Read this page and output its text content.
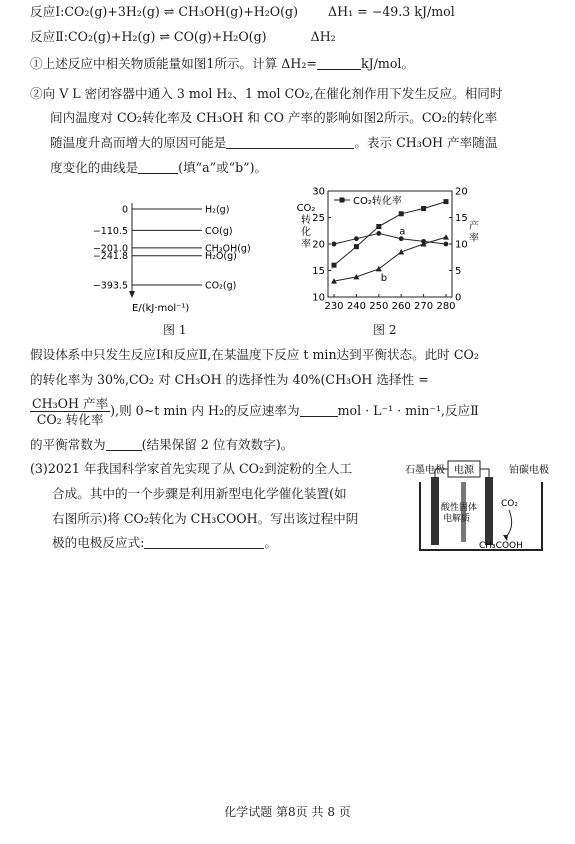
反应Ⅰ:CO₂(g)+3H₂(g) ⇌ CH₃OH(g)+H₂O(g) ΔH₁ = −49.3 kJ/mol
反应Ⅱ:CO₂(g)+H₂(g) ⇌ CO(g)+H₂O(g)	ΔH₂
①上述反应中相关物质能量如图1所示。计算 ΔH₂=	kJ/mol。
②向 V L 密闭容器中通入 3 mol H₂、1 mol CO₂,在催化剂作用下发生反应。相同时
间内温度对 CO₂转化率及 CH₃OH 和 CO 产率的影响如图2所示。CO₂的转化率
随温度升高而增大的原因可能是	。表示 CH₃OH 产率随温
度变化的曲线是	(填“a”或“b”)。
0	H₂(g)
−110.5	CO(g)
−201.0	CH₃OH(g)
−241.8	H₂O(g)
−393.5	CO₂(g)
E/(kJ·mol⁻¹)
图 1
230 240 250 260 270 280
10
15
20
25
30
0
5
10
15
20
CO₂转化率
CO₂
转
化
率
产
率
a
b
图 2
假设体系中只发生反应Ⅰ和反应Ⅱ,在某温度下反应 t min达到平衡状态。此时 CO₂
的转化率为 30%,CO₂ 对 CH₃OH 的选择性为 40%(CH₃OH 选择性 =
CH₃OH 产率
CO₂ 转化率
),则 0~t min 内 H₂的反应速率为	mol · L⁻¹ · min⁻¹,反应Ⅱ
的平衡常数为	(结果保留 2 位有效数字)。
(3)2021 年我国科学家首先实现了从 CO₂到淀粉的全人工
合成。其中的一个步骤是利用新型电化学催化装置(如
右图所示)将 CO₂转化为 CH₃COOH。写出该过程中阴
极的电极反应式:	。
石墨电极	铂碳电极
电源
酸性固体
电解质
CO₂
CH₃COOH
化学试题 第8页 共 8 页
